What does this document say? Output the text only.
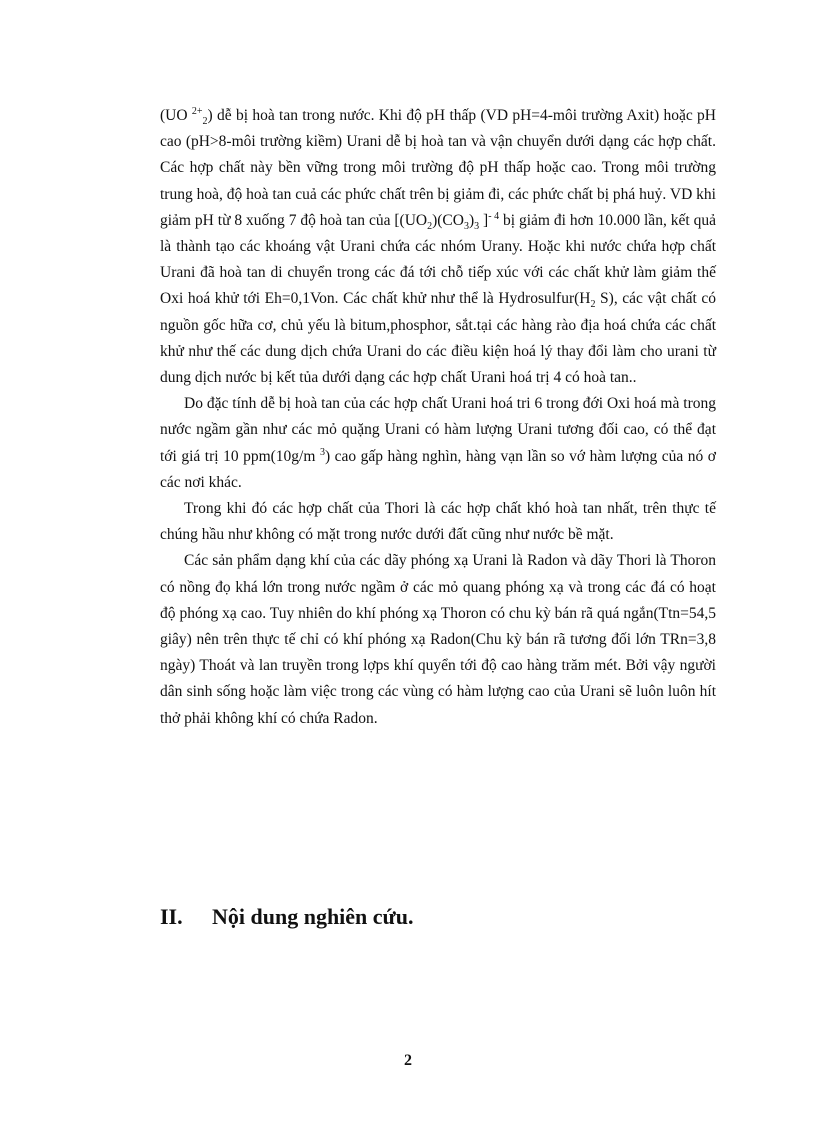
(UO $^{2+}_2$) dễ bị hoà tan trong nước. Khi độ pH thấp (VD pH=4-môi trường Axit) hoặc pH cao (pH>8-môi trường kiềm) Urani dễ bị hoà tan và vận chuyển dưới dạng các hợp chất. Các hợp chất này bền vững trong môi trường độ pH thấp hoặc cao. Trong môi trường trung hoà, độ hoà tan cuả các phức chất trên bị giảm đi, các phức chất bị phá huỷ. VD khi giảm pH từ 8 xuống 7 độ hoà tan của [$(UO_2)(CO_3)_3$ ]$^{- 4}$ bị giảm đi hơn 10.000 lần, kết quả là thành tạo các khoáng vật Urani chứa các nhóm Urany. Hoặc khi nước chứa hợp chất Urani đã hoà tan di chuyển trong các đá tới chỗ tiếp xúc với các chất khử làm giảm thế Oxi hoá khử tới Eh=0,1Von. Các chất khử như thể là $Hydrosulfur(H_2$ S), các vật chất có nguồn gốc hữa cơ, chủ yếu là bitum,phosphor, sắt.tại các hàng rào địa hoá chứa các chất khử như thế các dung dịch chứa Urani do các điều kiện hoá lý thay đổi làm cho urani từ dung dịch nước bị kết tủa dưới dạng các hợp chất Urani hoá trị 4 có hoà tan..

Do đặc tính dễ bị hoà tan của các hợp chất Urani hoá tri 6 trong đới Oxi hoá mà trong nước ngầm gần như các mỏ quặng Urani có hàm lượng Urani tương đối cao, có thể đạt tới giá trị 10 ppm(10g/m $^3$) cao gấp hàng nghìn, hàng vạn lần so vớ hàm lượng của nó ơ các nơi khác.

Trong khi đó các hợp chất của Thori là các hợp chất khó hoà tan nhất, trên thực tế chúng hầu như không có mặt trong nước dưới đất cũng như nước bề mặt.

Các sản phẩm dạng khí của các dãy phóng xạ Urani là Radon và dãy Thori là Thoron có nồng đọ khá lớn trong nước ngầm ở các mỏ quang phóng xạ và trong các đá có hoạt độ phóng xạ cao. Tuy nhiên do khí phóng xạ Thoron có chu kỳ bán rã quá ngắn(Ttn=54,5 giây) nên trên thực tế chỉ có khí phóng xạ Radon(Chu kỳ bán rã tương đối lớn TRn=3,8 ngày) Thoát và lan truyền trong lợps khí quyển tới độ cao hàng trăm mét. Bởi vậy người dân sinh sống hoặc làm việc trong các vùng có hàm lượng cao của Urani sẽ luôn luôn hít thở phải không khí có chứa Radon.

II. Nội dung nghiên cứu.
2
